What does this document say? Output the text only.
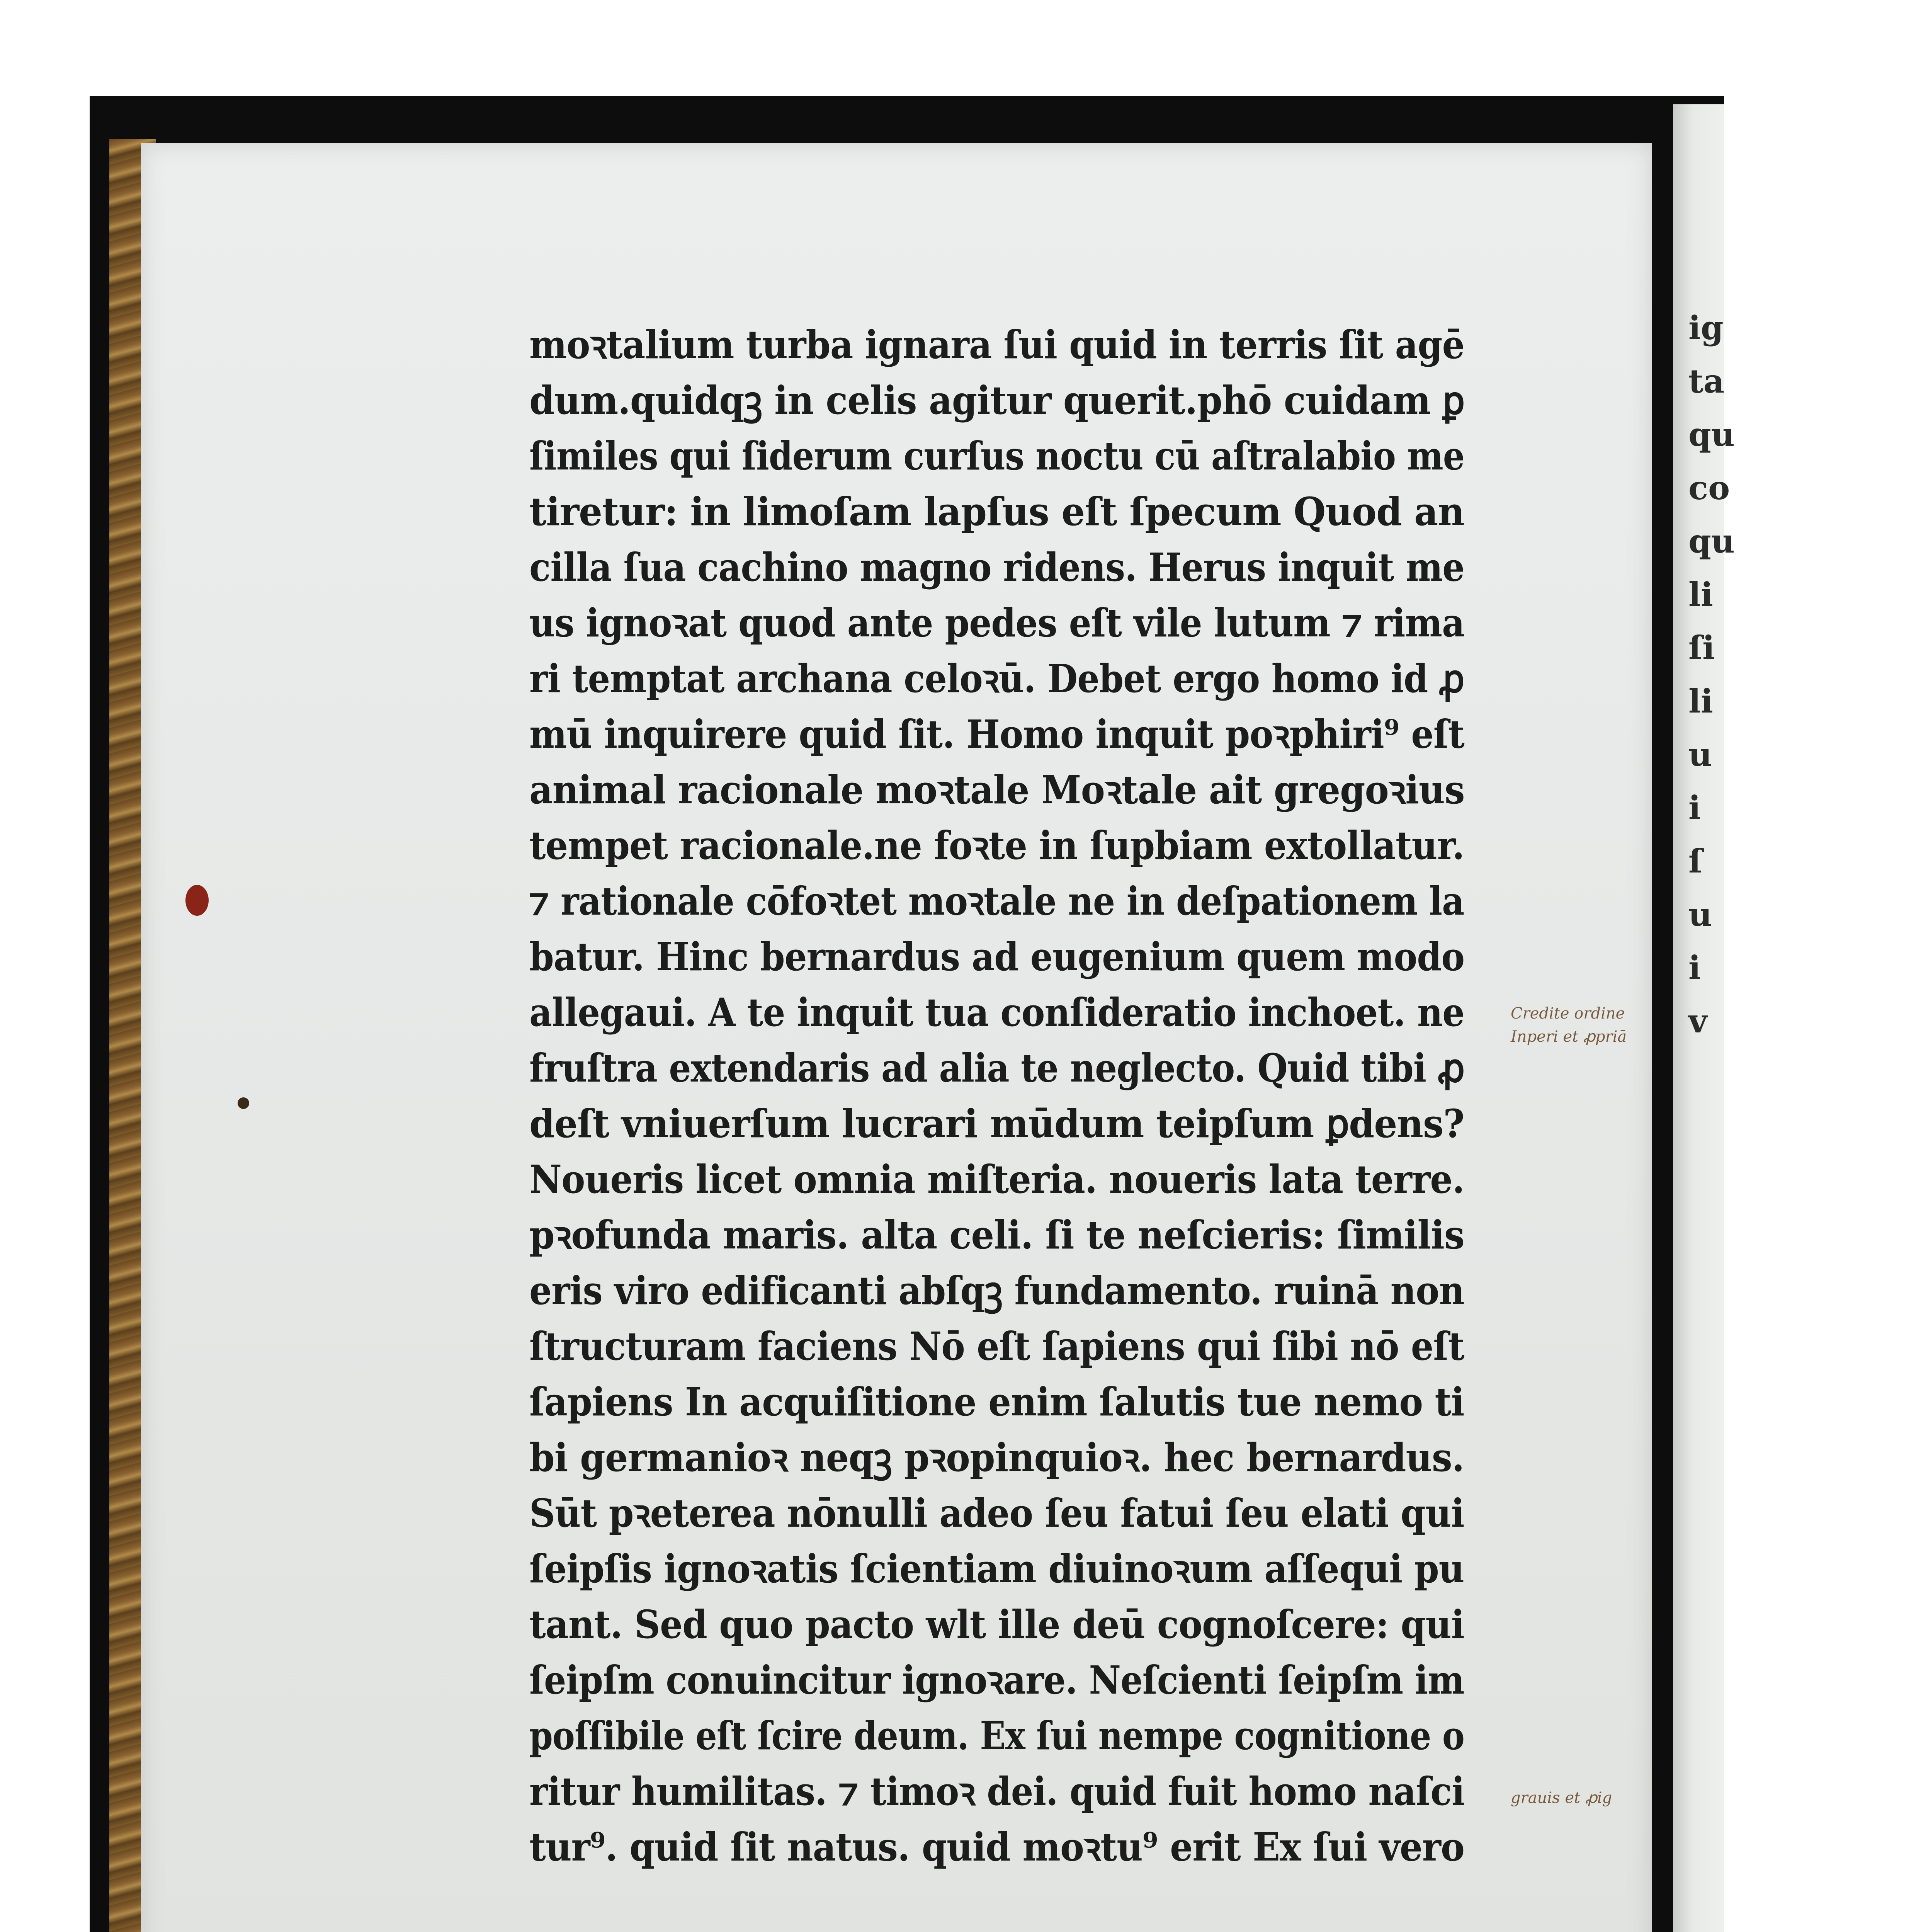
ig
ta
qu
co
qu
li
ſi
li
u
i
ſ
u
i
v
moꝛtalium turba ignara ſui quid in terris ſit agē
dum.quidqꝫ in celis agitur querit.phō cuidam ꝑ
ſimiles qui ſiderum curſus noctu cū aſtralabio me
tiretur: in limoſam lapſus eſt ſpecum Quod an
cilla ſua cachino magno ridens. Herus inquit me
us ignoꝛat quod ante pedes eſt vile lutum ⁊ rima
ri temptat archana celoꝛū. Debet ergo homo id ꝓ
mū inquirere quid ſit. Homo inquit poꝛphiri⁹ eſt
animal racionale moꝛtale Moꝛtale ait gregoꝛius
tempet racionale.ne foꝛte in ſupbiam extollatur.
⁊ rationale cōfoꝛtet moꝛtale ne in deſpationem la
batur. Hinc bernardus ad eugenium quem modo
allegaui. A te inquit tua conſideratio inchoet. ne
fruſtra extendaris ad alia te neglecto. Quid tibi ꝓ
deſt vniuerſum lucrari mūdum teipſum ꝑdens?
Noueris licet omnia miſteria. noueris lata terre.
pꝛofunda maris. alta celi. ſi te neſcieris: ſimilis
eris viro edificanti abſqꝫ fundamento. ruinā non
ſtructuram faciens Nō eſt ſapiens qui ſibi nō eſt
ſapiens In acquiſitione enim ſalutis tue nemo ti
bi germanioꝛ neqꝫ pꝛopinquioꝛ. hec bernardus.
Sūt pꝛeterea nōnulli adeo ſeu fatui ſeu elati qui
ſeipſis ignoꝛatis ſcientiam diuinoꝛum aſſequi pu
tant. Sed quo pacto wlt ille deū cognoſcere: qui
ſeipſm conuincitur ignoꝛare. Neſcienti ſeipſm im
poſſibile eſt ſcire deum. Ex ſui nempe cognitione o
ritur humilitas. ⁊ timoꝛ dei. quid fuit homo naſci
tur⁹. quid ſit natus. quid moꝛtu⁹ erit Ex ſui vero
Credite ordine
Inperi et ꝓpriā
grauis et ꝓig
